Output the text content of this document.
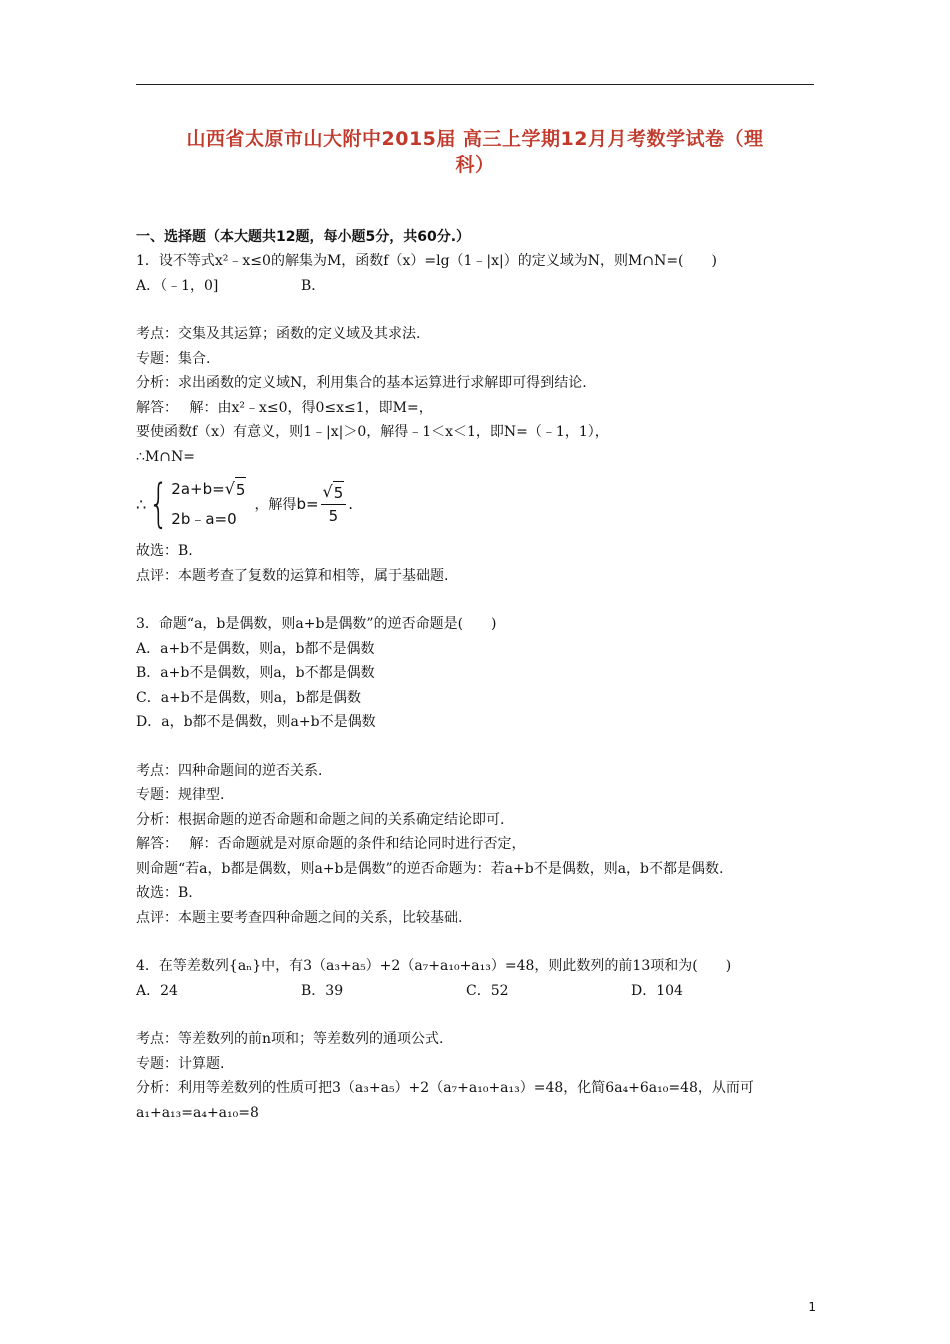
山西省太原市山大附中2015届 高三上学期12月月考数学试卷（理
科）
一、选择题（本大题共12题，每小题5分，共60分.）
1．设不等式x²﹣x≤0的解集为M，函数f（x）=lg（1﹣|x|）的定义域为N，则M∩N=(　　)
A．（﹣1，0]	B．
考点：交集及其运算；函数的定义域及其求法.
专题：集合.
分析：求出函数的定义域N，利用集合的基本运算进行求解即可得到结论.
解答：　 解：由x²﹣x≤0，得0≤x≤1，即M=，
要使函数f（x）有意义，则1﹣|x|＞0，解得﹣1＜x＜1，即N=（﹣1，1），
∴M∩N=
∴ { 2a+b= √ 5
2b﹣a=0
，解得 $b= \frac{√ 5}{5}$ .
故选：B.
点评：本题考查了复数的运算和相等，属于基础题.
3．命题“a，b是偶数，则a+b是偶数”的逆否命题是(　　)
A．a+b不是偶数，则a，b都不是偶数
B．a+b不是偶数，则a，b不都是偶数
C．a+b不是偶数，则a，b都是偶数
D．a，b都不是偶数，则a+b不是偶数
考点：四种命题间的逆否关系.
专题：规律型.
分析：根据命题的逆否命题和命题之间的关系确定结论即可.
解答：　 解：否命题就是对原命题的条件和结论同时进行否定，
则命题“若a，b都是偶数，则a+b是偶数”的逆否命题为：若a+b不是偶数，则a，b不都是偶数.
故选：B.
点评：本题主要考查四种命题之间的关系，比较基础.
4．在等差数列{aₙ}中，有3（a₃+a₅）+2（a₇+a₁₀+a₁₃）=48，则此数列的前13项和为(　　)
A．24	B．39	C．52	D．104
考点：等差数列的前n项和；等差数列的通项公式.
专题：计算题.
分析：利用等差数列的性质可把3（a₃+a₅）+2（a₇+a₁₀+a₁₃）=48，化简6a₄+6a₁₀=48，从而可
a₁+a₁₃=a₄+a₁₀=8
1
